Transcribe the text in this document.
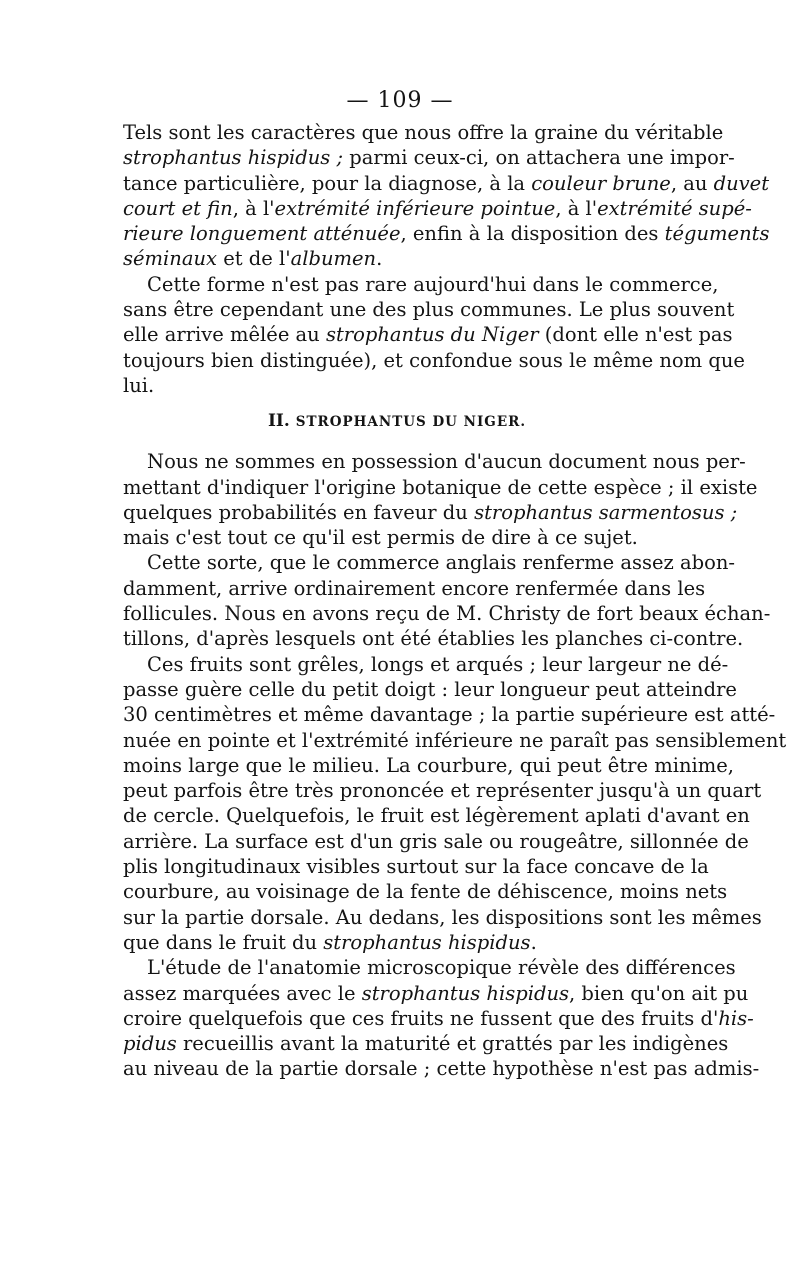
— 109 —
Tels sont les caractères que nous offre la graine du véritable
strophantus hispidus ; parmi ceux-ci, on attachera une impor-
tance particulière, pour la diagnose, à la couleur brune, au duvet
court et fin, à l'extrémité inférieure pointue, à l'extrémité supé-
rieure longuement atténuée, enfin à la disposition des téguments
séminaux et de l'albumen.
Cette forme n'est pas rare aujourd'hui dans le commerce,
sans être cependant une des plus communes. Le plus souvent
elle arrive mêlée au strophantus du Niger (dont elle n'est pas
toujours bien distinguée), et confondue sous le même nom que
lui.
II. STROPHANTUS DU NIGER.
Nous ne sommes en possession d'aucun document nous per-
mettant d'indiquer l'origine botanique de cette espèce ; il existe
quelques probabilités en faveur du strophantus sarmentosus ;
mais c'est tout ce qu'il est permis de dire à ce sujet.
Cette sorte, que le commerce anglais renferme assez abon-
damment, arrive ordinairement encore renfermée dans les
follicules. Nous en avons reçu de M. Christy de fort beaux échan-
tillons, d'après lesquels ont été établies les planches ci-contre.
Ces fruits sont grêles, longs et arqués ; leur largeur ne dé-
passe guère celle du petit doigt : leur longueur peut atteindre
30 centimètres et même davantage ; la partie supérieure est atté-
nuée en pointe et l'extrémité inférieure ne paraît pas sensiblement
moins large que le milieu. La courbure, qui peut être minime,
peut parfois être très prononcée et représenter jusqu'à un quart
de cercle. Quelquefois, le fruit est légèrement aplati d'avant en
arrière. La surface est d'un gris sale ou rougeâtre, sillonnée de
plis longitudinaux visibles surtout sur la face concave de la
courbure, au voisinage de la fente de déhiscence, moins nets
sur la partie dorsale. Au dedans, les dispositions sont les mêmes
que dans le fruit du strophantus hispidus.
L'étude de l'anatomie microscopique révèle des différences
assez marquées avec le strophantus hispidus, bien qu'on ait pu
croire quelquefois que ces fruits ne fussent que des fruits d'his-
pidus recueillis avant la maturité et grattés par les indigènes
au niveau de la partie dorsale ; cette hypothèse n'est pas admis-
